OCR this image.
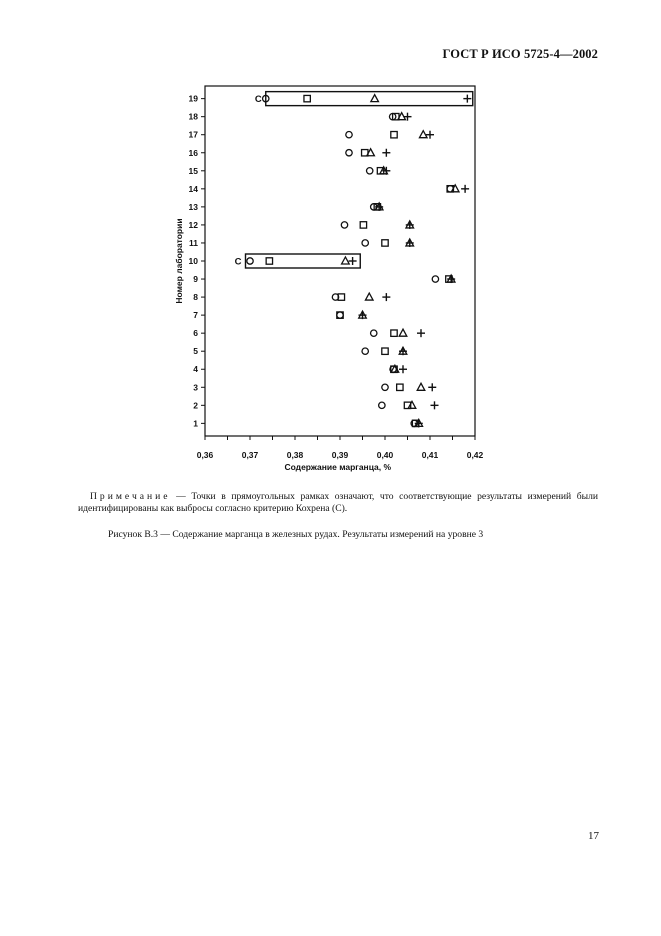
ГОСТ Р ИСО 5725-4—2002
0,36	0,37	0,38	0,39	0,40	0,41	0,42
1
2
3
4
5
6
7
8
9
10
11
12
13
14
15
16
17
18
19
Содержание марганца, %
Номер лаборатории
C
C
Примечание — Точки в прямоугольных рамках означают, что соответствующие результаты измерений были идентифицированы как выбросы согласно критерию Кохрена (С).
Рисунок В.3 — Содержание марганца в железных рудах. Результаты измерений на уровне 3
17
